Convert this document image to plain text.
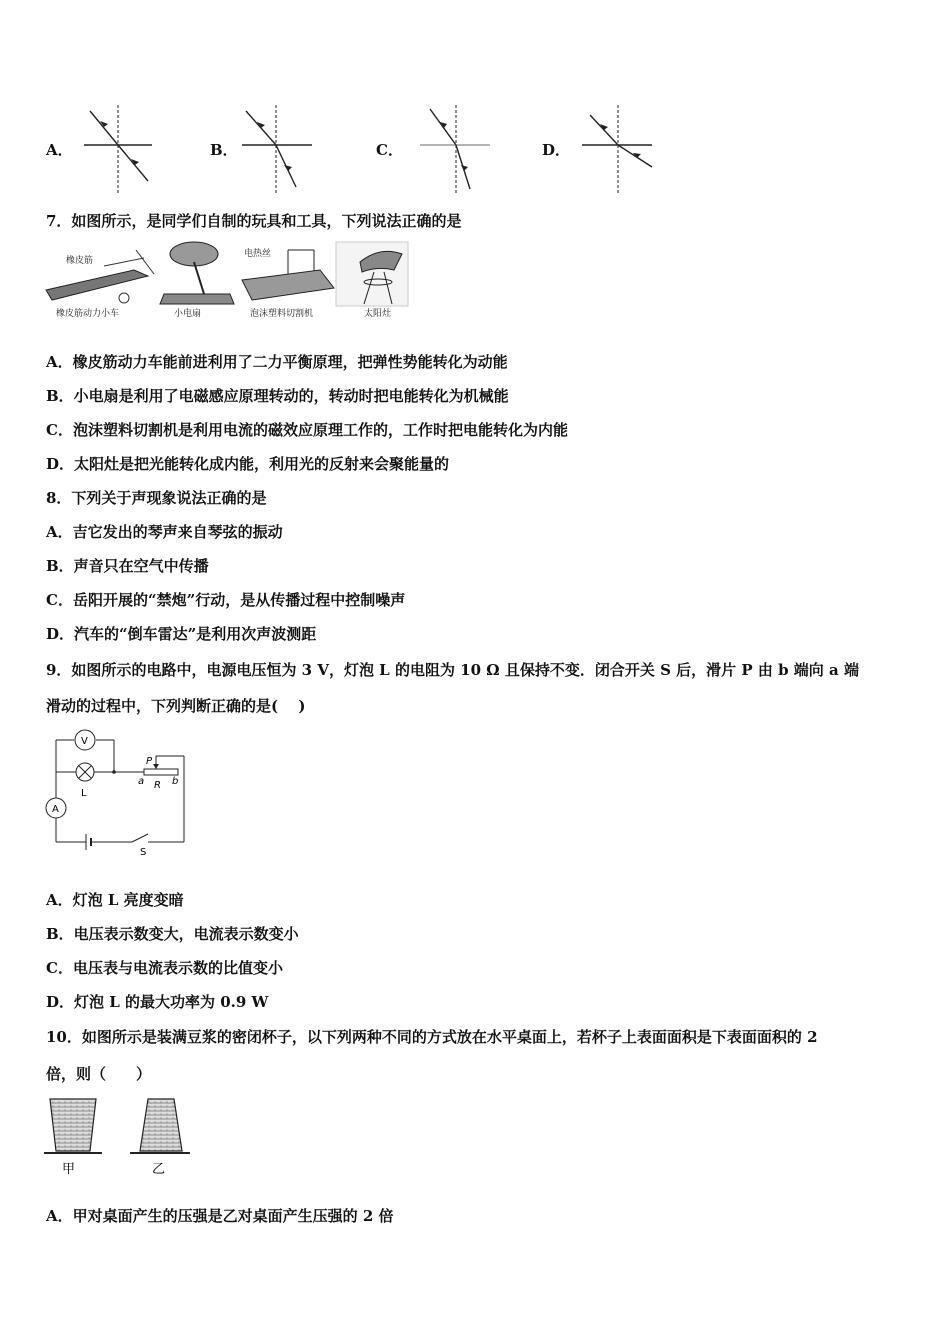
A．	B．	C．	D．
7．如图所示，是同学们自制的玩具和工具，下列说法正确的是
橡皮筋
橡皮筋动力小车	小电扇
电热丝
泡沫塑料切割机	太阳灶
A．橡皮筋动力车能前进利用了二力平衡原理，把弹性势能转化为动能
B．小电扇是利用了电磁感应原理转动的，转动时把电能转化为机械能
C．泡沫塑料切割机是利用电流的磁效应原理工作的，工作时把电能转化为内能
D．太阳灶是把光能转化成内能，利用光的反射来会聚能量的
8．下列关于声现象说法正确的是
A．吉它发出的琴声来自琴弦的振动
B．声音只在空气中传播
C．岳阳开展的“禁炮”行动，是从传播过程中控制噪声
D．汽车的“倒车雷达”是利用次声波测距
9．如图所示的电路中，电源电压恒为 3 V，灯泡 L 的电阻为 10 Ω 且保持不变．闭合开关 S 后，滑片 P 由 b 端向 a 端
滑动的过程中，下列判断正确的是(　 )
V
L
a	b
R
P
A
S
A．灯泡 L 亮度变暗
B．电压表示数变大，电流表示数变小
C．电压表与电流表示数的比值变小
D．灯泡 L 的最大功率为 0.9 W
10．如图所示是装满豆浆的密闭杯子，以下列两种不同的方式放在水平桌面上，若杯子上表面面积是下表面面积的 2
倍，则（　　）
甲	乙
A．甲对桌面产生的压强是乙对桌面产生压强的 2 倍
